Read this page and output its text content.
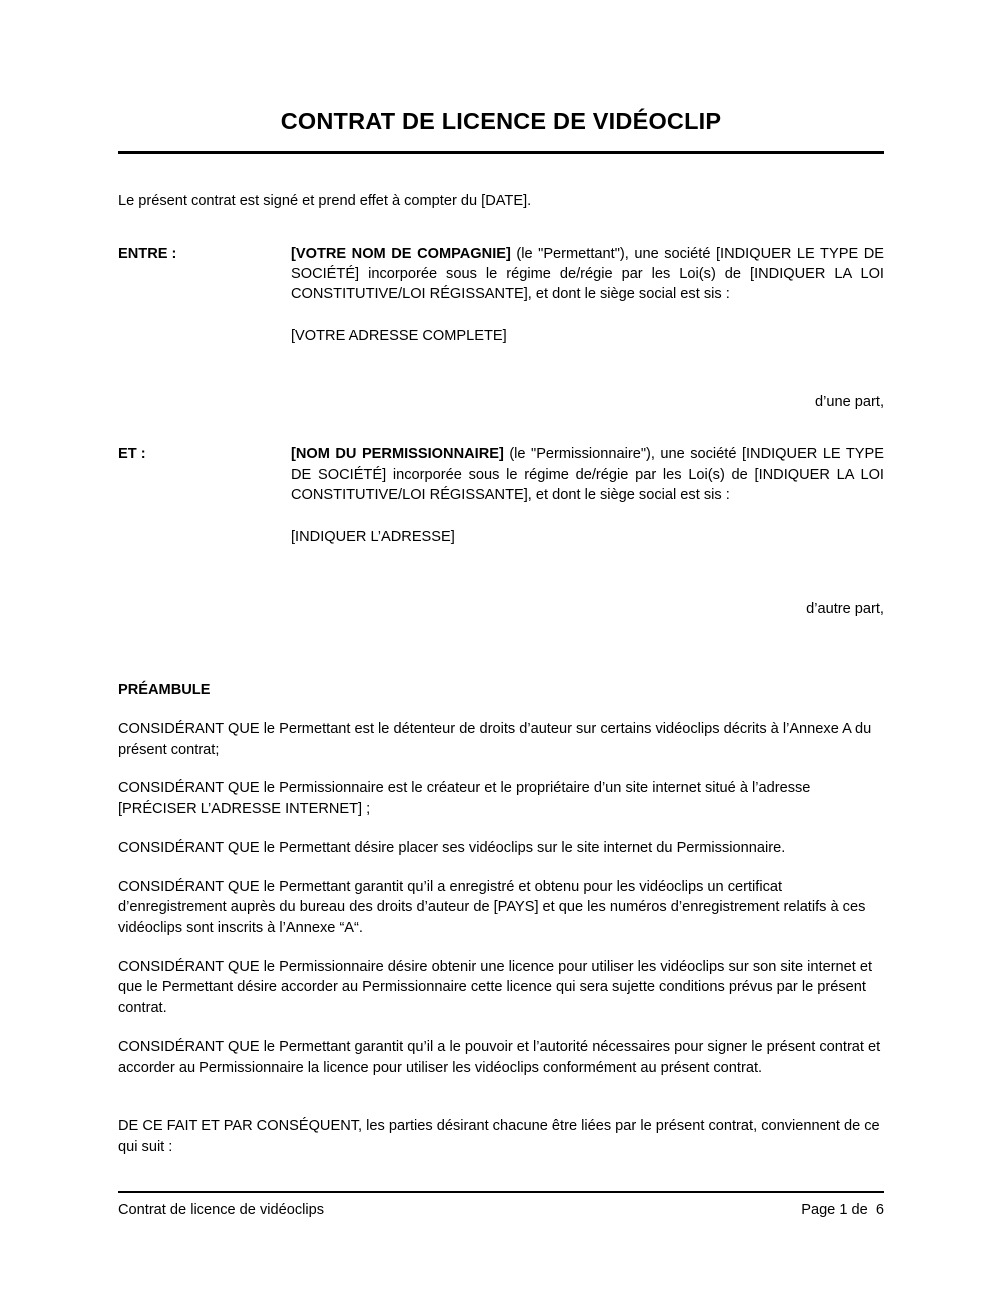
CONTRAT DE LICENCE DE VIDÉOCLIP

Le présent contrat est signé et prend effet à compter du [DATE].

ENTRE :	[VOTRE NOM DE COMPAGNIE] (le "Permettant"), une société [INDIQUER LE TYPE DE SOCIÉTÉ] incorporée sous le régime de/régie par les Loi(s) de [INDIQUER LA LOI CONSTITUTIVE/LOI RÉGISSANTE], et dont le siège social est sis :

[VOTRE ADRESSE COMPLETE]

d’une part,
ET :	[NOM DU PERMISSIONNAIRE] (le "Permissionnaire"), une société [INDIQUER LE TYPE DE SOCIÉTÉ] incorporée sous le régime de/régie par les Loi(s) de [INDIQUER LA LOI CONSTITUTIVE/LOI RÉGISSANTE], et dont le siège social est sis :

[INDIQUER L’ADRESSE]

d’autre part,
PRÉAMBULE

CONSIDÉRANT QUE le Permettant est le détenteur de droits d’auteur sur certains vidéoclips décrits à l’Annexe A du présent contrat;

CONSIDÉRANT QUE le Permissionnaire est le créateur et le propriétaire d’un site internet situé à l’adresse [PRÉCISER L’ADRESSE INTERNET] ;

CONSIDÉRANT QUE le Permettant désire placer ses vidéoclips sur le site internet du Permissionnaire.

CONSIDÉRANT QUE le Permettant garantit qu’il a enregistré et obtenu pour les vidéoclips un certificat d’enregistrement auprès du bureau des droits d’auteur de [PAYS] et que les numéros d’enregistrement relatifs à ces vidéoclips sont inscrits à l’Annexe “A“.

CONSIDÉRANT QUE le Permissionnaire désire obtenir une licence pour utiliser les vidéoclips sur son site internet et que le Permettant désire accorder au Permissionnaire cette licence qui sera sujette conditions prévus par le présent contrat.

CONSIDÉRANT QUE le Permettant garantit qu’il a le pouvoir et l’autorité nécessaires pour signer le présent contrat et accorder au Permissionnaire la licence pour utiliser les vidéoclips conformément au présent contrat.

DE CE FAIT ET PAR CONSÉQUENT, les parties désirant chacune être liées par le présent contrat, conviennent de ce qui suit :

Contrat de licence de vidéoclips	Page 1 de  6
